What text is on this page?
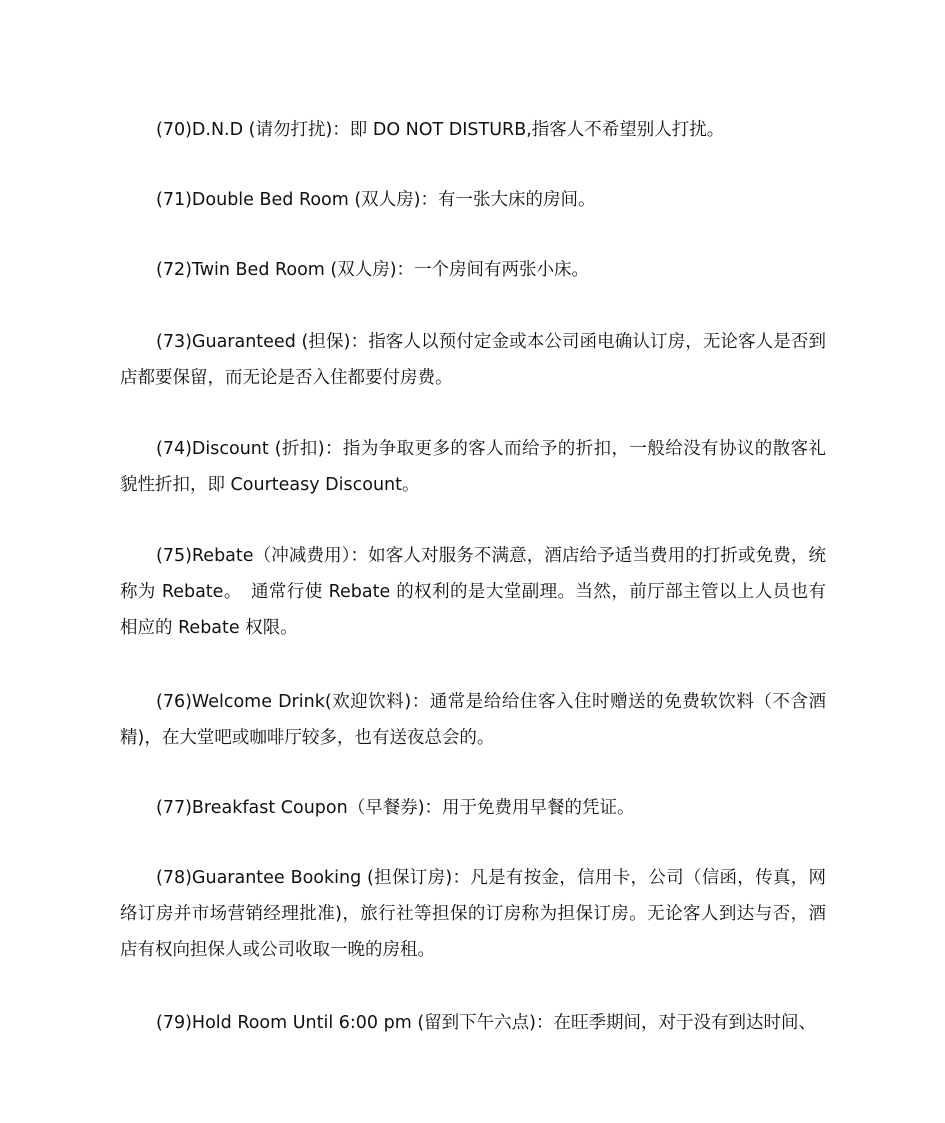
(70)D.N.D (请勿打扰)：即 DO NOT DISTURB,指客人不希望别人打扰。

(71)Double Bed Room (双人房)：有一张大床的房间。

(72)Twin Bed Room (双人房)：一个房间有两张小床。

(73)Guaranteed (担保)：指客人以预付定金或本公司函电确认订房，无论客人是否到店都要保留，而无论是否入住都要付房费。

(74)Discount (折扣)：指为争取更多的客人而给予的折扣，一般给没有协议的散客礼貌性折扣，即 Courteasy Discount。

(75)Rebate（冲减费用）：如客人对服务不满意，酒店给予适当费用的打折或免费，统称为 Rebate。　通常行使 Rebate 的权利的是大堂副理。当然，前厅部主管以上人员也有相应的 Rebate 权限。

(76)Welcome Drink(欢迎饮料)：通常是给给住客入住时赠送的免费软饮料（不含酒精)，在大堂吧或咖啡厅较多，也有送夜总会的。

(77)Breakfast Coupon（早餐券)：用于免费用早餐的凭证。

(78)Guarantee Booking (担保订房)：凡是有按金，信用卡，公司（信函，传真，网络订房并市场营销经理批准)，旅行社等担保的订房称为担保订房。无论客人到达与否，酒店有权向担保人或公司收取一晚的房租。

(79)Hold Room Until 6:00 pm (留到下午六点)：在旺季期间，对于没有到达时间、
